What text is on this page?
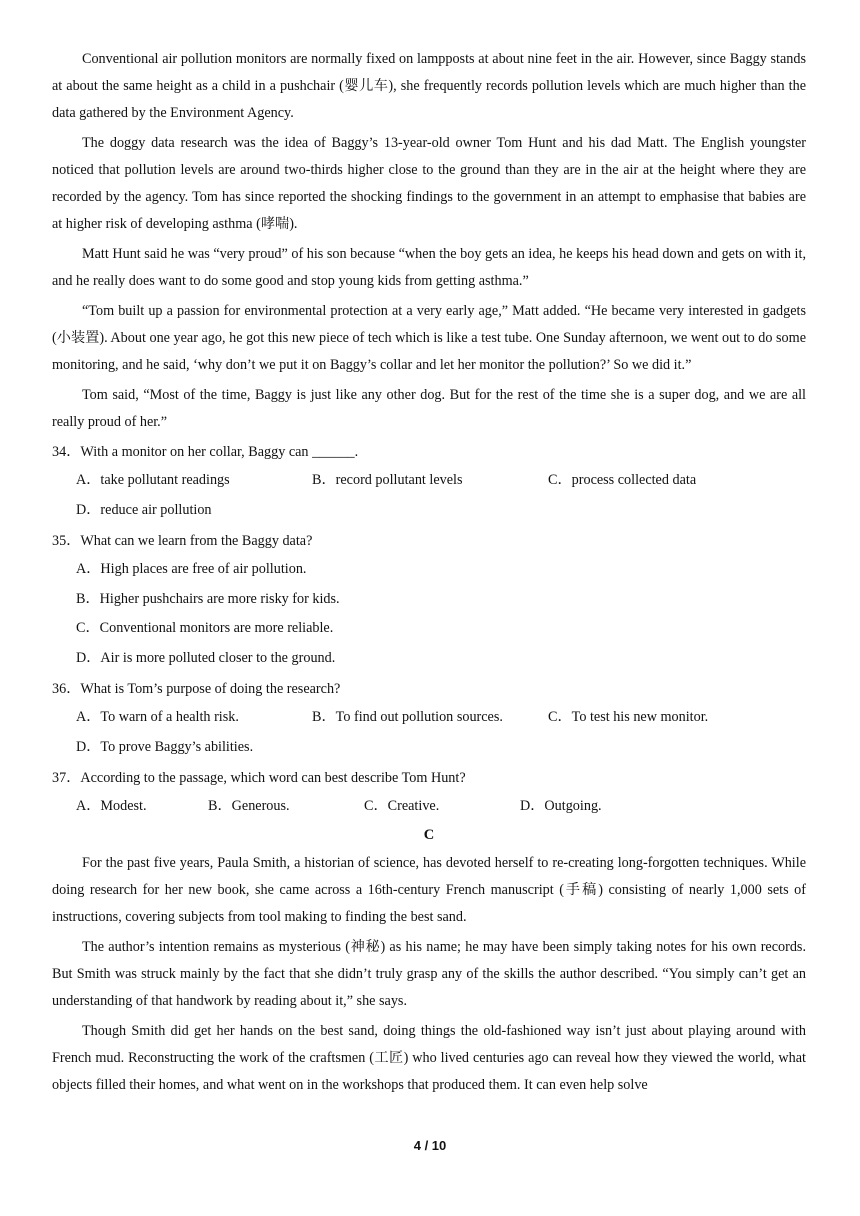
Conventional air pollution monitors are normally fixed on lampposts at about nine feet in the air. However, since Baggy stands at about the same height as a child in a pushchair (婴儿车), she frequently records pollution levels which are much higher than the data gathered by the Environment Agency.

The doggy data research was the idea of Baggy’s 13-year-old owner Tom Hunt and his dad Matt. The English youngster noticed that pollution levels are around two-thirds higher close to the ground than they are in the air at the height where they are recorded by the agency. Tom has since reported the shocking findings to the government in an attempt to emphasise that babies are at higher risk of developing asthma (哮喘).

Matt Hunt said he was “very proud” of his son because “when the boy gets an idea, he keeps his head down and gets on with it, and he really does want to do some good and stop young kids from getting asthma.”

“Tom built up a passion for environmental protection at a very early age,” Matt added. “He became very interested in gadgets (小装置). About one year ago, he got this new piece of tech which is like a test tube. One Sunday afternoon, we went out to do some monitoring, and he said, ‘why don’t we put it on Baggy’s collar and let her monitor the pollution?’ So we did it.”

Tom said, “Most of the time, Baggy is just like any other dog. But for the rest of the time she is a super dog, and we are all really proud of her.”

34．With a monitor on her collar, Baggy can ______.
A．take pollutant readings	B．record pollutant levels	C．process collected data
D．reduce air pollution
35．What can we learn from the Baggy data?
A．High places are free of air pollution.
B．Higher pushchairs are more risky for kids.
C．Conventional monitors are more reliable.
D．Air is more polluted closer to the ground.
36．What is Tom’s purpose of doing the research?
A．To warn of a health risk.	B．To find out pollution sources.	C．To test his new monitor.
D．To prove Baggy’s abilities.
37．According to the passage, which word can best describe Tom Hunt?
A．Modest.	B．Generous.	C．Creative.	D．Outgoing.
C

For the past five years, Paula Smith, a historian of science, has devoted herself to re-creating long-forgotten techniques. While doing research for her new book, she came across a 16th-century French manuscript (手稿) consisting of nearly 1,000 sets of instructions, covering subjects from tool making to finding the best sand.

The author’s intention remains as mysterious (神秘) as his name; he may have been simply taking notes for his own records. But Smith was struck mainly by the fact that she didn’t truly grasp any of the skills the author described. “You simply can’t get an understanding of that handwork by reading about it,” she says.

Though Smith did get her hands on the best sand, doing things the old-fashioned way isn’t just about playing around with French mud. Reconstructing the work of the craftsmen (工匠) who lived centuries ago can reveal how they viewed the world, what objects filled their homes, and what went on in the workshops that produced them. It can even help solve

4 / 10
